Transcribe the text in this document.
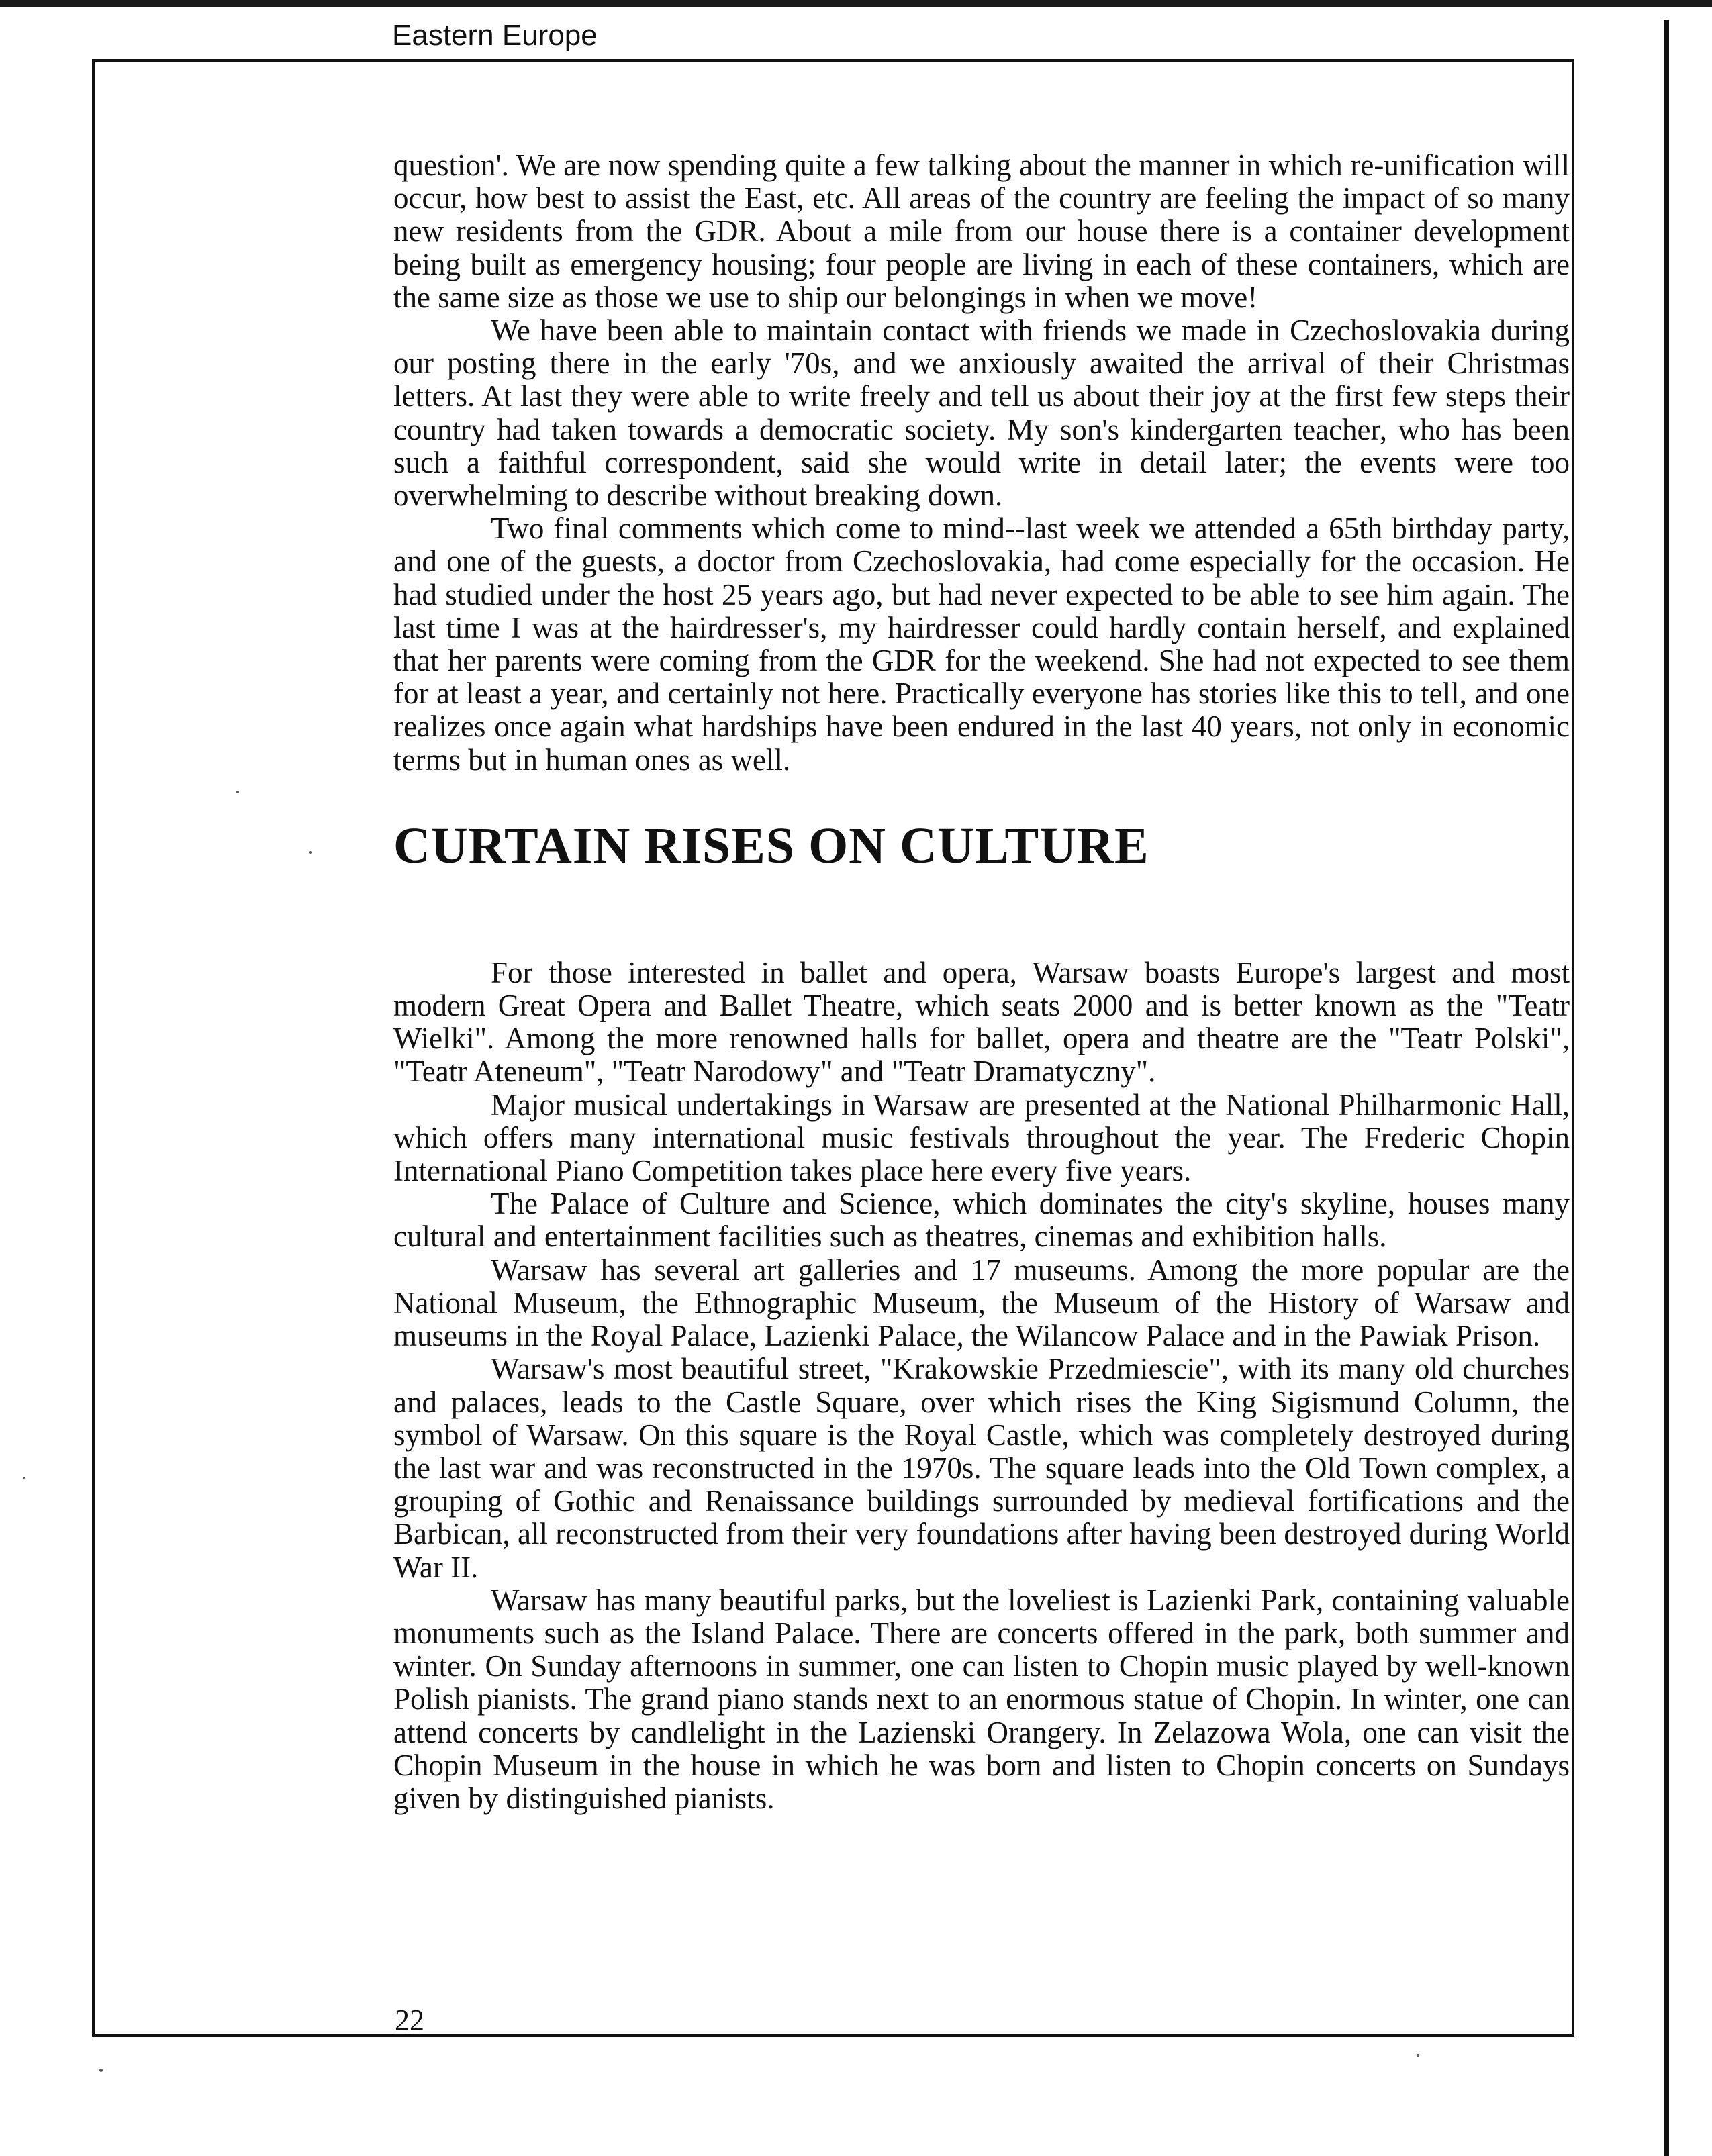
Eastern Europe

question'. We are now spending quite a few talking about the manner in which re-unification will occur, how best to assist the East, etc. All areas of the country are feeling the impact of so many new residents from the GDR. About a mile from our house there is a container development being built as emergency housing; four people are living in each of these containers, which are the same size as those we use to ship our belongings in when we move!

We have been able to maintain contact with friends we made in Czechoslovakia during our posting there in the early '70s, and we anxiously awaited the arrival of their Christmas letters. At last they were able to write freely and tell us about their joy at the first few steps their country had taken towards a democratic society. My son's kindergarten teacher, who has been such a faithful correspondent, said she would write in detail later; the events were too overwhelming to describe without breaking down.

Two final comments which come to mind--last week we attended a 65th birthday party, and one of the guests, a doctor from Czechoslovakia, had come especially for the occasion. He had studied under the host 25 years ago, but had never expected to be able to see him again. The last time I was at the hairdresser's, my hairdresser could hardly contain herself, and explained that her parents were coming from the GDR for the weekend. She had not expected to see them for at least a year, and certainly not here. Practically everyone has stories like this to tell, and one realizes once again what hardships have been endured in the last 40 years, not only in economic terms but in human ones as well.

CURTAIN RISES ON CULTURE

For those interested in ballet and opera, Warsaw boasts Europe's largest and most modern Great Opera and Ballet Theatre, which seats 2000 and is better known as the "Teatr Wielki". Among the more renowned halls for ballet, opera and theatre are the "Teatr Polski", "Teatr Ateneum", "Teatr Narodowy" and "Teatr Dramatyczny".

Major musical undertakings in Warsaw are presented at the National Philharmonic Hall, which offers many international music festivals throughout the year. The Frederic Chopin International Piano Competition takes place here every five years.

The Palace of Culture and Science, which dominates the city's skyline, houses many cultural and entertainment facilities such as theatres, cinemas and exhibition halls.

Warsaw has several art galleries and 17 museums. Among the more popular are the National Museum, the Ethnographic Museum, the Museum of the History of Warsaw and museums in the Royal Palace, Lazienki Palace, the Wilancow Palace and in the Pawiak Prison.

Warsaw's most beautiful street, "Krakowskie Przedmiescie", with its many old churches and palaces, leads to the Castle Square, over which rises the King Sigismund Column, the symbol of Warsaw. On this square is the Royal Castle, which was completely destroyed during the last war and was reconstructed in the 1970s. The square leads into the Old Town complex, a grouping of Gothic and Renaissance buildings surrounded by medieval fortifications and the Barbican, all reconstructed from their very foundations after having been destroyed during World War II.

Warsaw has many beautiful parks, but the loveliest is Lazienki Park, containing valuable monuments such as the Island Palace. There are concerts offered in the park, both summer and winter. On Sunday afternoons in summer, one can listen to Chopin music played by well-known Polish pianists. The grand piano stands next to an enormous statue of Chopin. In winter, one can attend concerts by candlelight in the Lazienski Orangery. In Zelazowa Wola, one can visit the Chopin Museum in the house in which he was born and listen to Chopin concerts on Sundays given by distinguished pianists.

22
